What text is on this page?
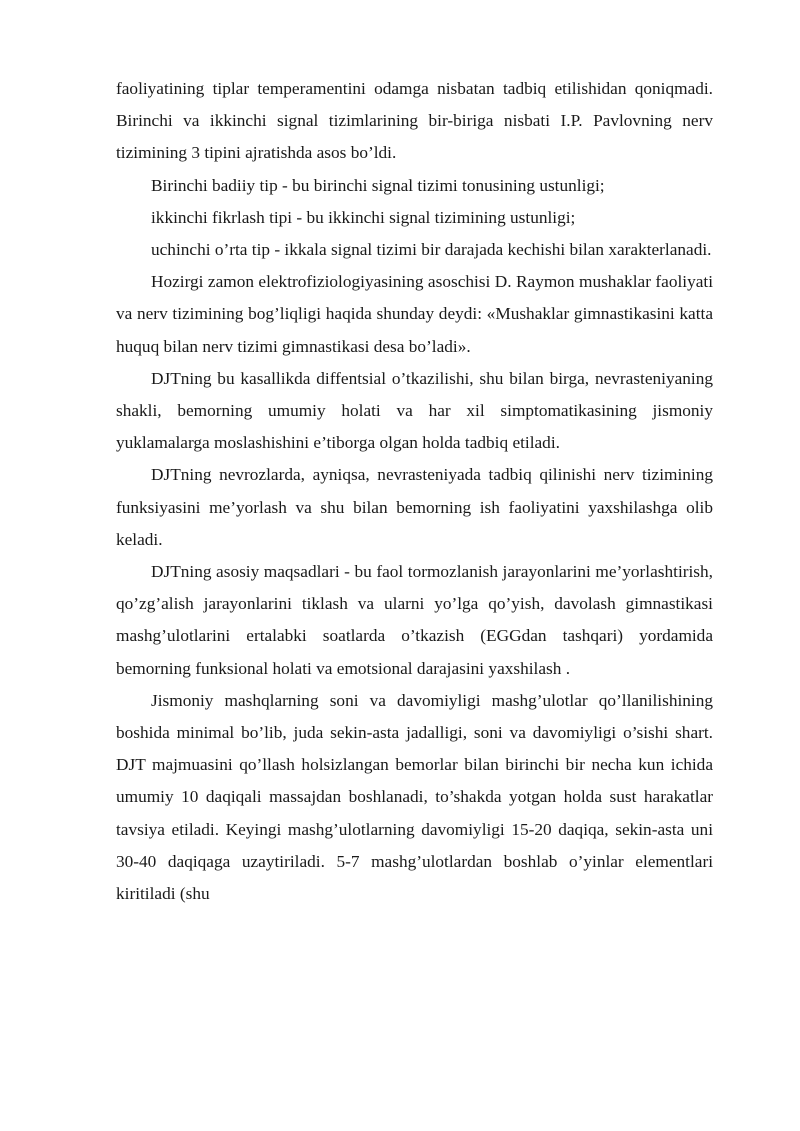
faoliyatining tiplar temperamentini odamga nisbatan tadbiq etilishidan qoniqmadi. Birinchi va ikkinchi signal tizimlarining bir-biriga nisbati I.P. Pavlovning nerv tizimining 3 tipini ajratishda asos bo’ldi.

Birinchi badiiy tip - bu birinchi signal tizimi tonusining ustunligi;

ikkinchi fikrlash tipi - bu ikkinchi signal tizimining ustunligi;

uchinchi o’rta tip - ikkala signal tizimi bir darajada kechishi bilan xarakterlanadi.

Hozirgi zamon elektrofiziologiyasining asoschisi D. Raymon mushaklar faoliyati va nerv tizimining bog’liqligi haqida shunday deydi: «Mushaklar gimnastikasini katta huquq bilan nerv tizimi gimnastikasi desa bo’ladi».

DJTning bu kasallikda diffentsial o’tkazilishi, shu bilan birga, nevrasteniyaning shakli, bemorning umumiy holati va har xil simptomatikasining jismoniy yuklamalarga moslashishini e’tiborga olgan holda tadbiq etiladi.

DJTning nevrozlarda, ayniqsa, nevrasteniyada tadbiq qilinishi nerv tizimining funksiyasini me’yorlash va shu bilan bemorning ish faoliyatini yaxshilashga olib keladi.

DJTning asosiy maqsadlari - bu faol tormozlanish jarayonlarini me’yorlashtirish, qo’zg’alish jarayonlarini tiklash va ularni yo’lga qo’yish, davolash gimnastikasi mashg’ulotlarini ertalabki soatlarda o’tkazish (EGGdan tashqari) yordamida bemorning funksional holati va emotsional darajasini yaxshilash .

Jismoniy mashqlarning soni va davomiyligi mashg’ulotlar qo’llanilishining boshida minimal bo’lib, juda sekin-asta jadalligi, soni va davomiyligi o’sishi shart. DJT majmuasini qo’llash holsizlangan bemorlar bilan birinchi bir necha kun ichida umumiy 10 daqiqali massajdan boshlanadi, to’shakda yotgan holda sust harakatlar tavsiya etiladi. Keyingi mashg’ulotlarning davomiyligi 15-20 daqiqa, sekin-asta uni 30-40 daqiqaga uzaytiriladi. 5-7 mashg’ulotlardan boshlab o’yinlar elementlari kiritiladi (shu
